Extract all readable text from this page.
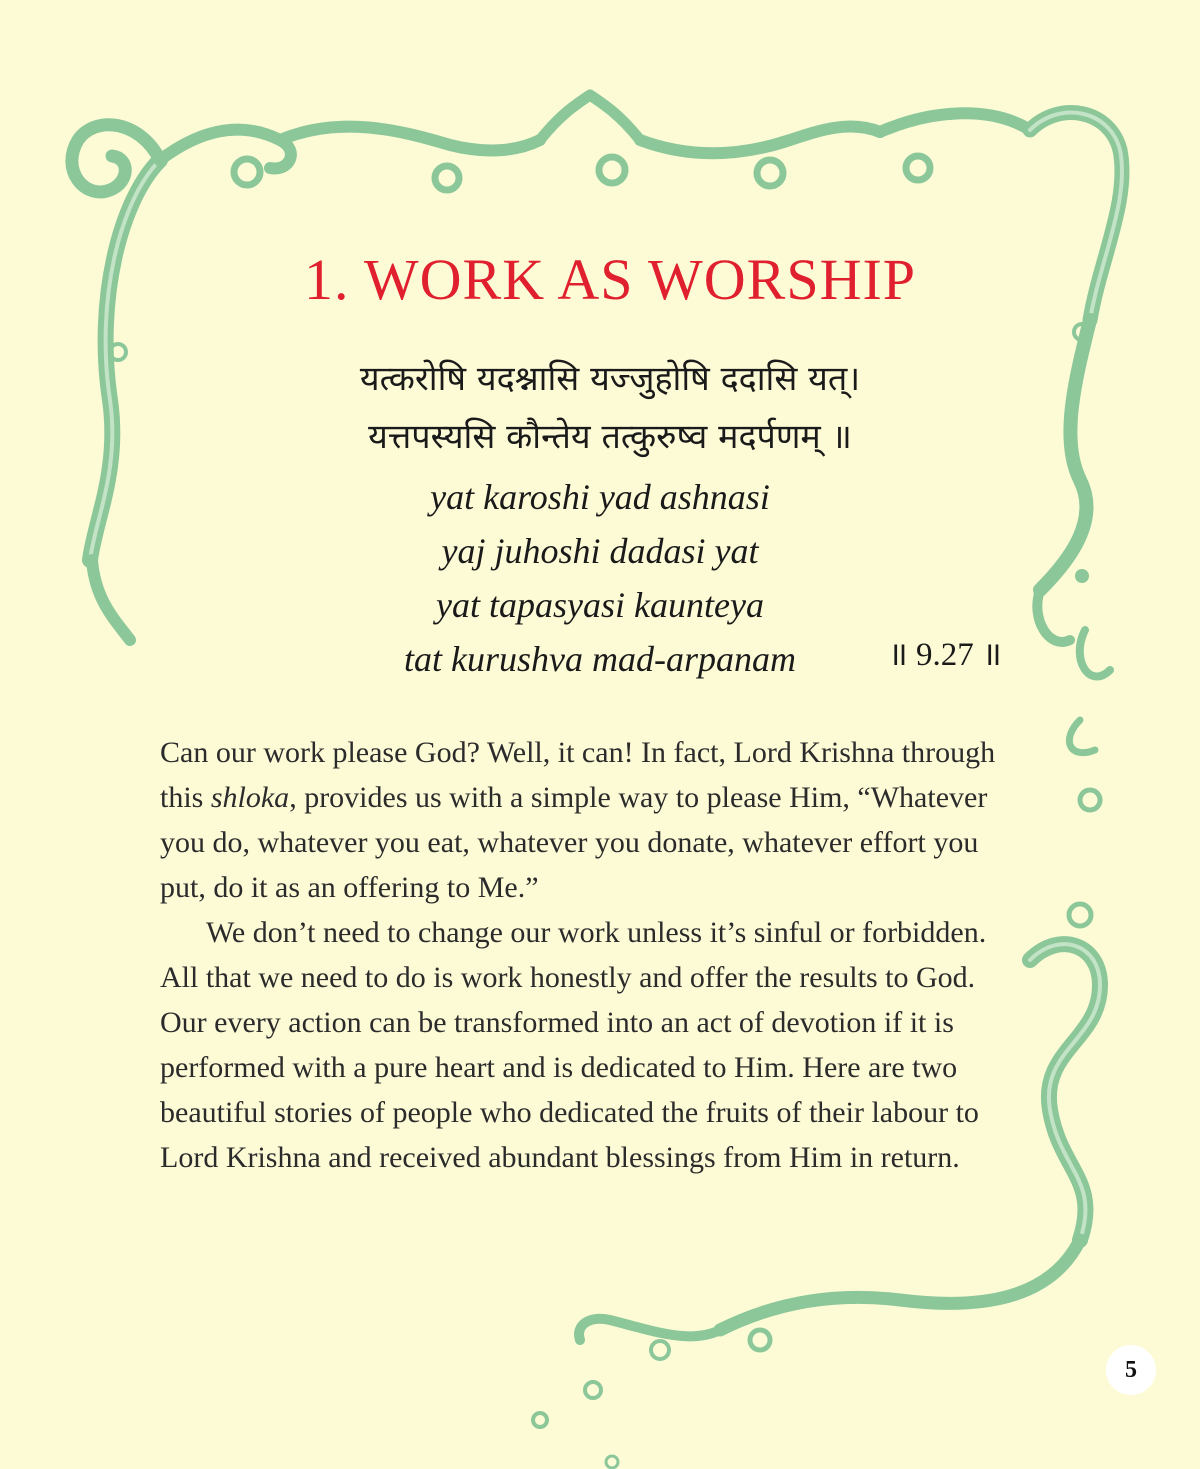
1. WORK AS WORSHIP
यत्करोषि यदश्नासि यज्जुहोषि ददासि यत्।
यत्तपस्यसि कौन्तेय तत्कुरुष्व मदर्पणम् ॥
yat karoshi yad ashnasi
yaj juhoshi dadasi yat
yat tapasyasi kaunteya
tat kurushva mad-arpanam	॥ 9.27 ॥

Can our work please God? Well, it can! In fact, Lord Krishna through this shloka, provides us with a simple way to please Him, “Whatever you do, whatever you eat, whatever you donate, whatever effort you put, do it as an offering to Me.”

We don’t need to change our work unless it’s sinful or forbidden. All that we need to do is work honestly and offer the results to God. Our every action can be transformed into an act of devotion if it is performed with a pure heart and is dedicated to Him. Here are two beautiful stories of people who dedicated the fruits of their labour to Lord Krishna and received abundant blessings from Him in return.

5
